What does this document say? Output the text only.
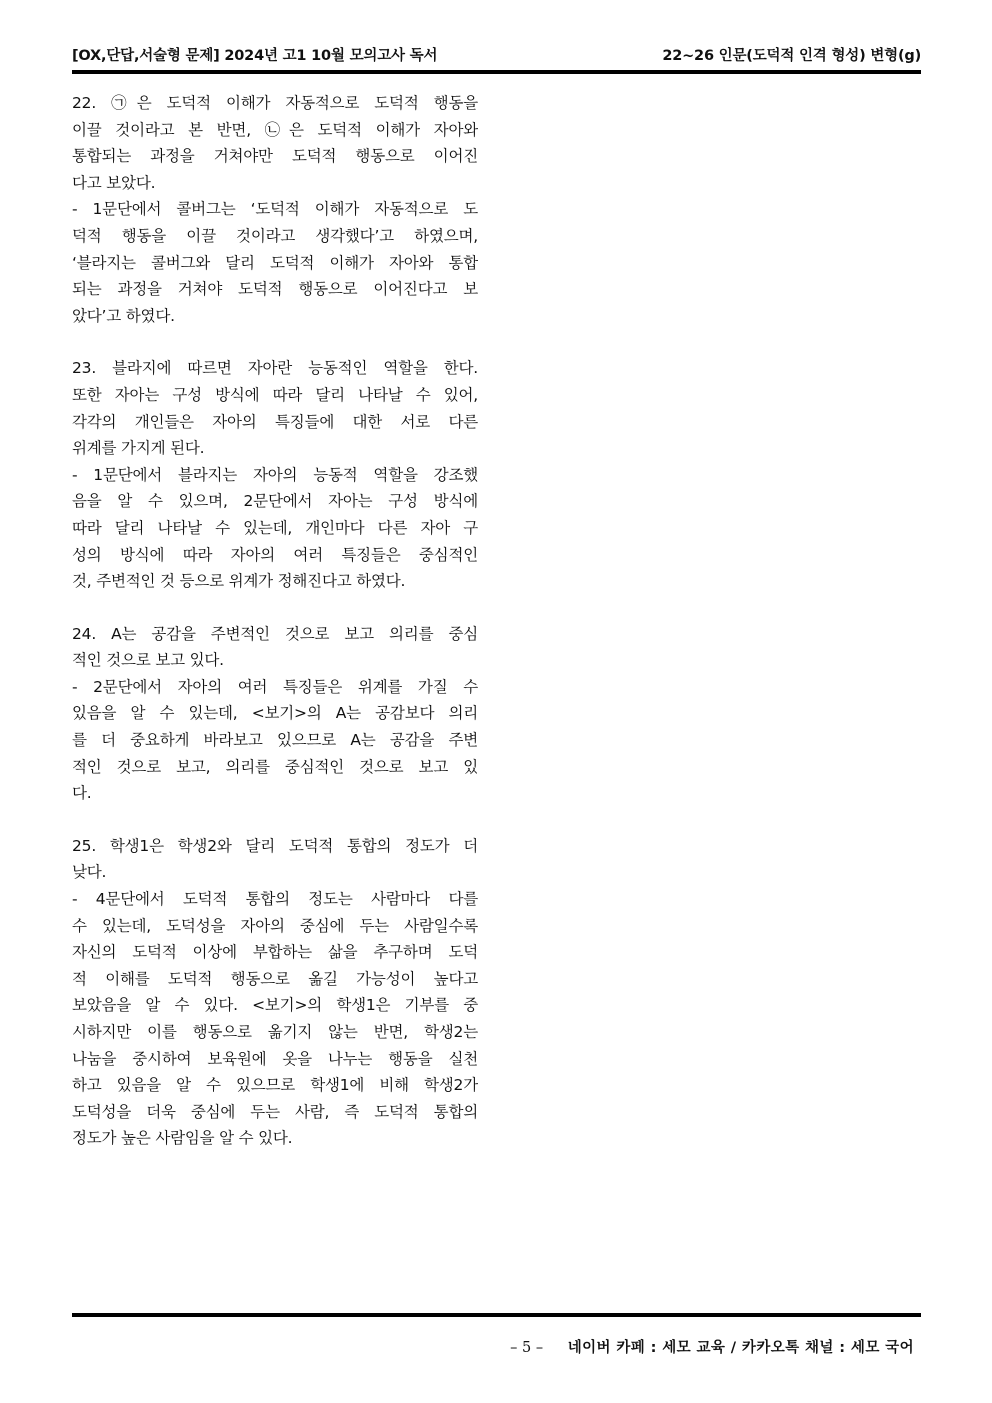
[OX,단답,서술형 문제] 2024년 고1 10월 모의고사 독서	22~26 인문(도덕적 인격 형성) 변형(g)
22. ㉠은 도덕적 이해가 자동적으로 도덕적 행동을
이끌 것이라고 본 반면, ㉡은 도덕적 이해가 자아와
통합되는 과정을 거쳐야만 도덕적 행동으로 이어진
다고 보았다.
- 1문단에서 콜버그는 ‘도덕적 이해가 자동적으로 도
덕적 행동을 이끌 것이라고 생각했다’고 하였으며,
‘블라지는 콜버그와 달리 도덕적 이해가 자아와 통합
되는 과정을 거쳐야 도덕적 행동으로 이어진다고 보
았다’고 하였다.
23. 블라지에 따르면 자아란 능동적인 역할을 한다.
또한 자아는 구성 방식에 따라 달리 나타날 수 있어,
각각의 개인들은 자아의 특징들에 대한 서로 다른
위계를 가지게 된다.
- 1문단에서 블라지는 자아의 능동적 역할을 강조했
음을 알 수 있으며, 2문단에서 자아는 구성 방식에
따라 달리 나타날 수 있는데, 개인마다 다른 자아 구
성의 방식에 따라 자아의 여러 특징들은 중심적인
것, 주변적인 것 등으로 위계가 정해진다고 하였다.
24. A는 공감을 주변적인 것으로 보고 의리를 중심
적인 것으로 보고 있다.
- 2문단에서 자아의 여러 특징들은 위계를 가질 수
있음을 알 수 있는데, <보기>의 A는 공감보다 의리
를 더 중요하게 바라보고 있으므로 A는 공감을 주변
적인 것으로 보고, 의리를 중심적인 것으로 보고 있
다.
25. 학생1은 학생2와 달리 도덕적 통합의 정도가 더
낮다.
- 4문단에서 도덕적 통합의 정도는 사람마다 다를
수 있는데, 도덕성을 자아의 중심에 두는 사람일수록
자신의 도덕적 이상에 부합하는 삶을 추구하며 도덕
적 이해를 도덕적 행동으로 옮길 가능성이 높다고
보았음을 알 수 있다. <보기>의 학생1은 기부를 중
시하지만 이를 행동으로 옮기지 않는 반면, 학생2는
나눔을 중시하여 보육원에 옷을 나누는 행동을 실천
하고 있음을 알 수 있으므로 학생1에 비해 학생2가
도덕성을 더욱 중심에 두는 사람, 즉 도덕적 통합의
정도가 높은 사람임을 알 수 있다.
– 5 – 네이버 카페 : 세모 교육 / 카카오톡 채널 : 세모 국어
